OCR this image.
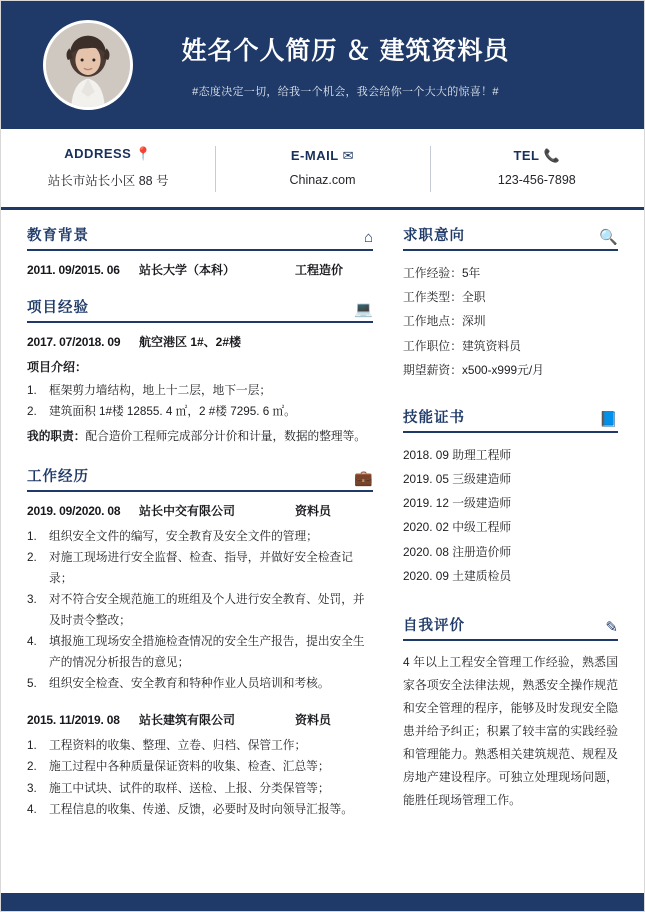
姓名个人简历 ＆ 建筑资料员
#态度决定一切，给我一个机会，我会给你一个大大的惊喜！#
ADDRESS 📍
站长市站长小区 88 号
E-MAIL ✉
Chinaz.com
TEL 📞
123-456-7898
教育背景	⌂
2011. 09/2015. 06	站长大学（本科）	工程造价
项目经验	💻
2017. 07/2018. 09	航空港区 1#、2#楼
项目介绍：
1.	框架剪力墙结构，地上十二层，地下一层；
2.	建筑面积 1#楼 12855. 4 ㎡，2 #楼 7295. 6 ㎡。
我的职责：配合造价工程师完成部分计价和计量，数据的整理等。
工作经历	💼
2019. 09/2020. 08	站长中交有限公司	资料员
1.	组织安全文件的编写，安全教育及安全文件的管理；
2.	对施工现场进行安全监督、检查、指导，并做好安全检查记录；
3.	对不符合安全规范施工的班组及个人进行安全教育、处罚，并及时责令整改；
4.	填报施工现场安全措施检查情况的安全生产报告，提出安全生产的情况分析报告的意见；
5.	组织安全检查、安全教育和特种作业人员培训和考核。
2015. 11/2019. 08	站长建筑有限公司	资料员
1.	工程资料的收集、整理、立卷、归档、保管工作；
2.	施工过程中各种质量保证资料的收集、检查、汇总等；
3.	施工中试块、试件的取样、送检、上报、分类保管等；
4.	工程信息的收集、传递、反馈，必要时及时向领导汇报等。
求职意向	🔍
工作经验：5年
工作类型：全职
工作地点：深圳
工作职位：建筑资料员
期望薪资：x500-x999元/月
技能证书	📘
2018. 09 助理工程师
2019. 05 三级建造师
2019. 12 一级建造师
2020. 02 中级工程师
2020. 08 注册造价师
2020. 09 土建质检员
自我评价	✎
4 年以上工程安全管理工作经验，熟悉国家各项安全法律法规，熟悉安全操作规范和安全管理的程序，能够及时发现安全隐患并给予纠正；积累了较丰富的实践经验和管理能力。熟悉相关建筑规范、规程及房地产建设程序。可独立处理现场问题，能胜任现场管理工作。
